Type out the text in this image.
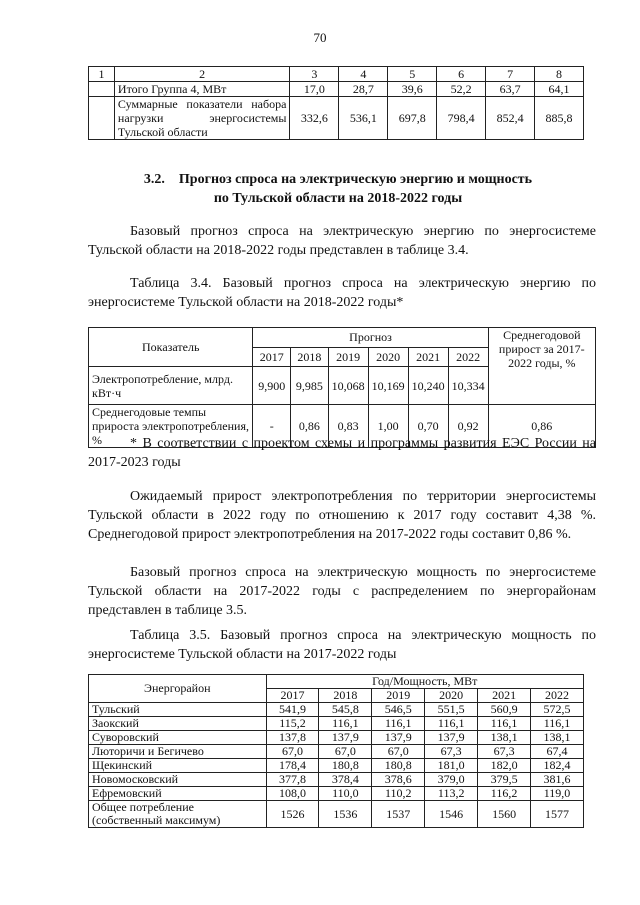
70
1	2	3	4	5	6	7	8
	Итого Группа 4, МВт	17,0	28,7	39,6	52,2	63,7	64,1
	Суммарные показатели набора нагрузки энергосистемы Тульской области	332,6	536,1	697,8	798,4	852,4	885,8
3.2. Прогноз спроса на электрическую энергию и мощность
по Тульской области на 2018-2022 годы

Базовый прогноз спроса на электрическую энергию по энергосистеме Тульской области на 2018-2022 годы представлен в таблице 3.4.

Таблица 3.4. Базовый прогноз спроса на электрическую энергию по энергосистеме Тульской области на 2018-2022 годы*

Показатель	Прогноз						Среднегодовой прирост за 2017-2022 годы, %

	2017	2018	2019	2020	2021	2022	
Электропотребление, млрд. кВт·ч	9,900	9,985	10,068	10,169	10,240	10,334	
Среднегодовые темпы прироста электропотребления, %	-	0,86	0,83	1,00	0,70	0,92	0,86

* В соответствии с проектом схемы и программы развития ЕЭС России на 2017-2023 годы

Ожидаемый прирост электропотребления по территории энергосистемы Тульской области в 2022 году по отношению к 2017 году составит 4,38 %. Среднегодовой прирост электропотребления на 2017-2022 годы составит 0,86 %.

Базовый прогноз спроса на электрическую мощность по энергосистеме Тульской области на 2017-2022 годы с распределением по энергорайонам представлен в таблице 3.5.

Таблица 3.5. Базовый прогноз спроса на электрическую мощность по энергосистеме Тульской области на 2017-2022 годы

Энергорайон	Год/Мощность, МВт					
	2017	2018	2019	2020	2021	2022
Тульский	541,9	545,8	546,5	551,5	560,9	572,5
Заокский	115,2	116,1	116,1	116,1	116,1	116,1
Суворовский	137,8	137,9	137,9	137,9	138,1	138,1
Люторичи и Бегичево	67,0	67,0	67,0	67,3	67,3	67,4
Щекинский	178,4	180,8	180,8	181,0	182,0	182,4
Новомосковский	377,8	378,4	378,6	379,0	379,5	381,6
Ефремовский	108,0	110,0	110,2	113,2	116,2	119,0
Общее потребление (собственный максимум)	1526	1536	1537	1546	1560	1577
